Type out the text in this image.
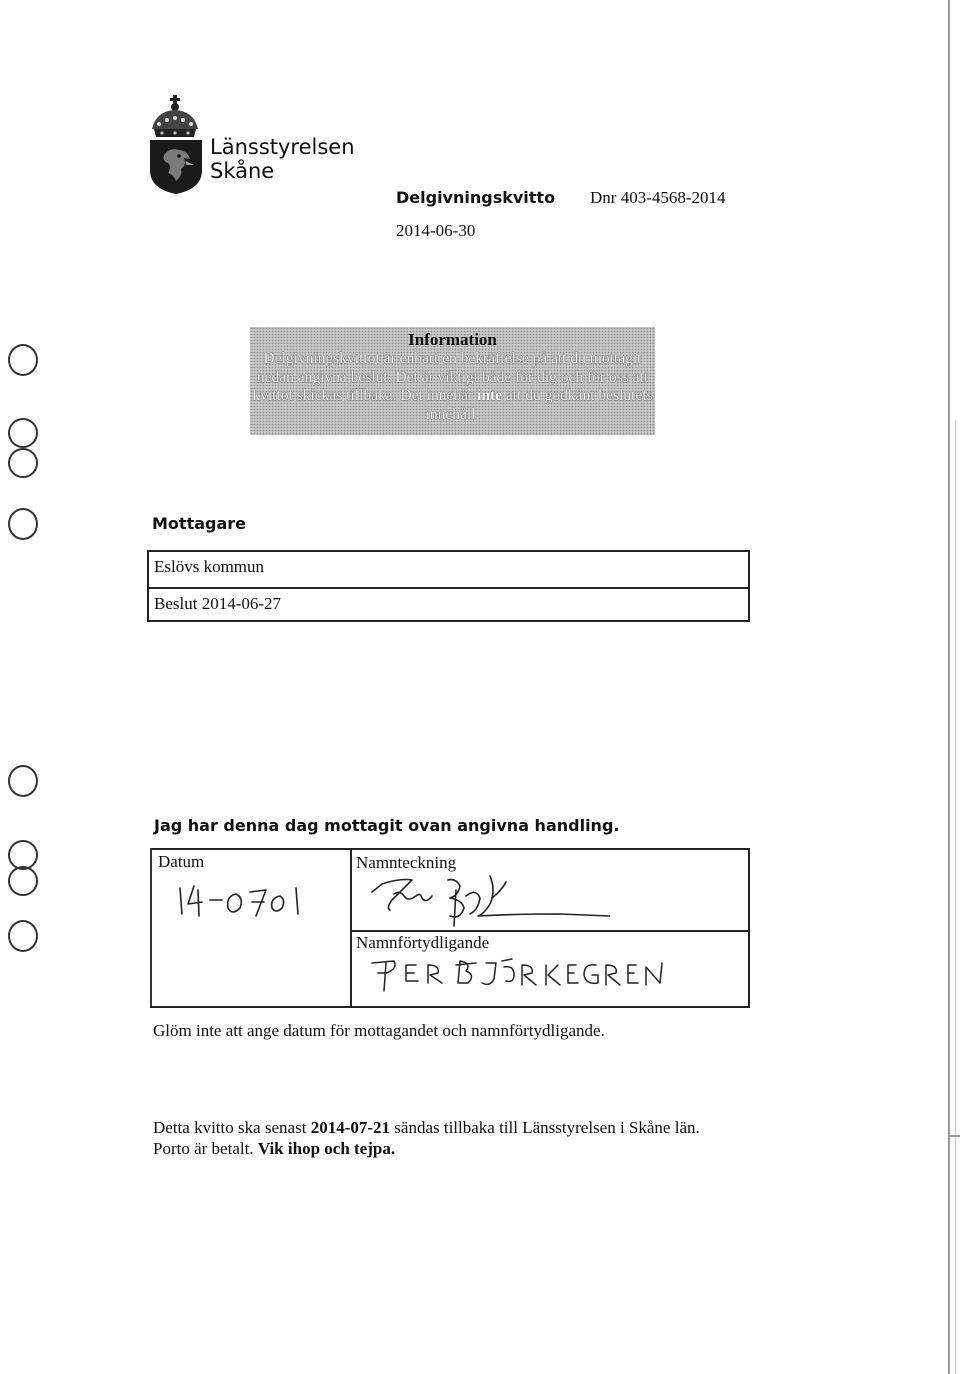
Länsstyrelsen
Skåne
Delgivningskvitto Dnr 403-4568-2014
2014-06-30
Information
Delgivningskvittot är enbart en bekräftelse på att du mottagit nedan angivna beslut. Det är viktigt både för dig och för oss att kvittot skickas tillbaka. Det innebär inte att du godkänt beslutets innehåll.
Mottagare
Eslövs kommun
Beslut 2014-06-27
Jag har denna dag mottagit ovan angivna handling.
Datum	Namnteckning
Namnförtydligande
Glöm inte att ange datum för mottagandet och namnförtydligande.
Detta kvitto ska senast 2014-07-21 sändas tillbaka till Länsstyrelsen i Skåne län.
Porto är betalt. Vik ihop och tejpa.
